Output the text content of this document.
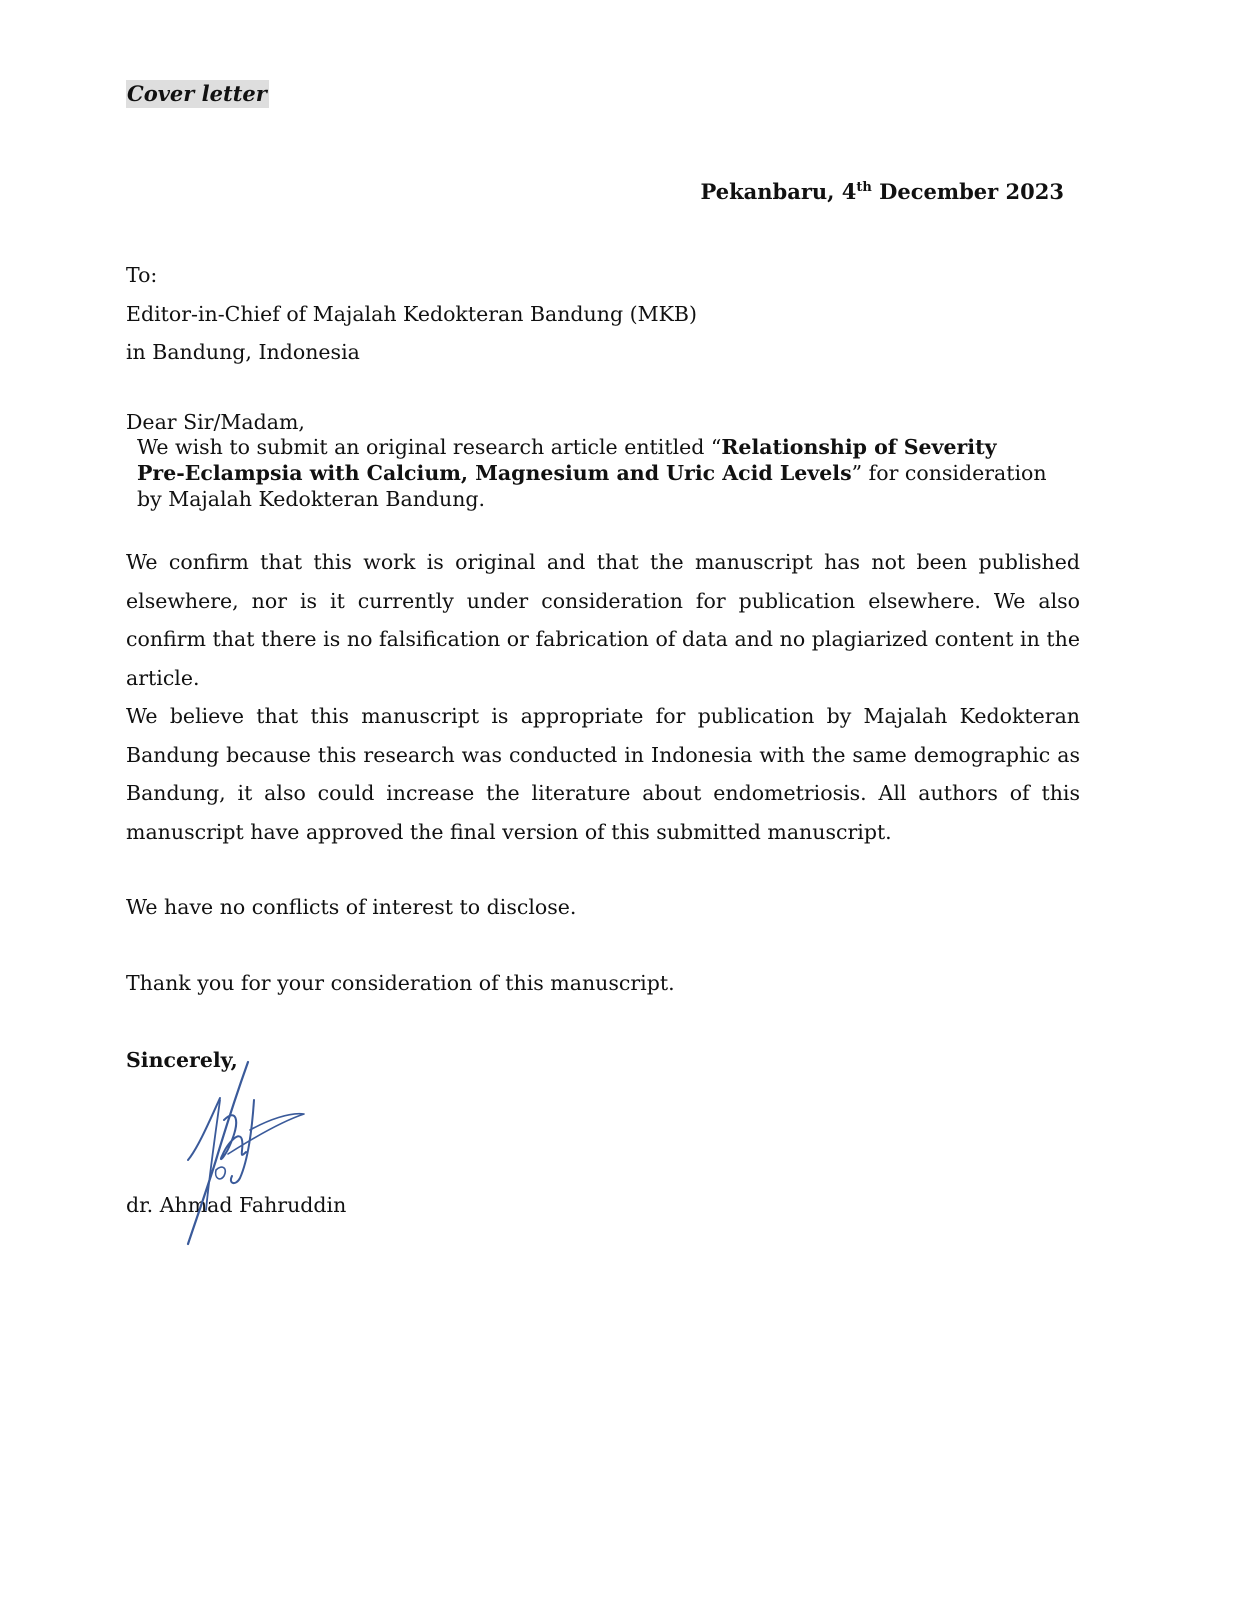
Cover letter
Pekanbaru, 4th December 2023
To:
Editor-in-Chief of Majalah Kedokteran Bandung (MKB)
in Bandung, Indonesia
Dear Sir/Madam,
We wish to submit an original research article entitled “Relationship of Severity
Pre-Eclampsia with Calcium, Magnesium and Uric Acid Levels” for consideration by Majalah Kedokteran Bandung.
We confirm that this work is original and that the manuscript has not been published elsewhere, nor is it currently under consideration for publication elsewhere. We also confirm that there is no falsification or fabrication of data and no plagiarized content in the article.
We believe that this manuscript is appropriate for publication by Majalah Kedokteran Bandung because this research was conducted in Indonesia with the same demographic as Bandung, it also could increase the literature about endometriosis. All authors of this manuscript have approved the final version of this submitted manuscript.
We have no conflicts of interest to disclose.
Thank you for your consideration of this manuscript.
Sincerely,
dr. Ahmad Fahruddin
